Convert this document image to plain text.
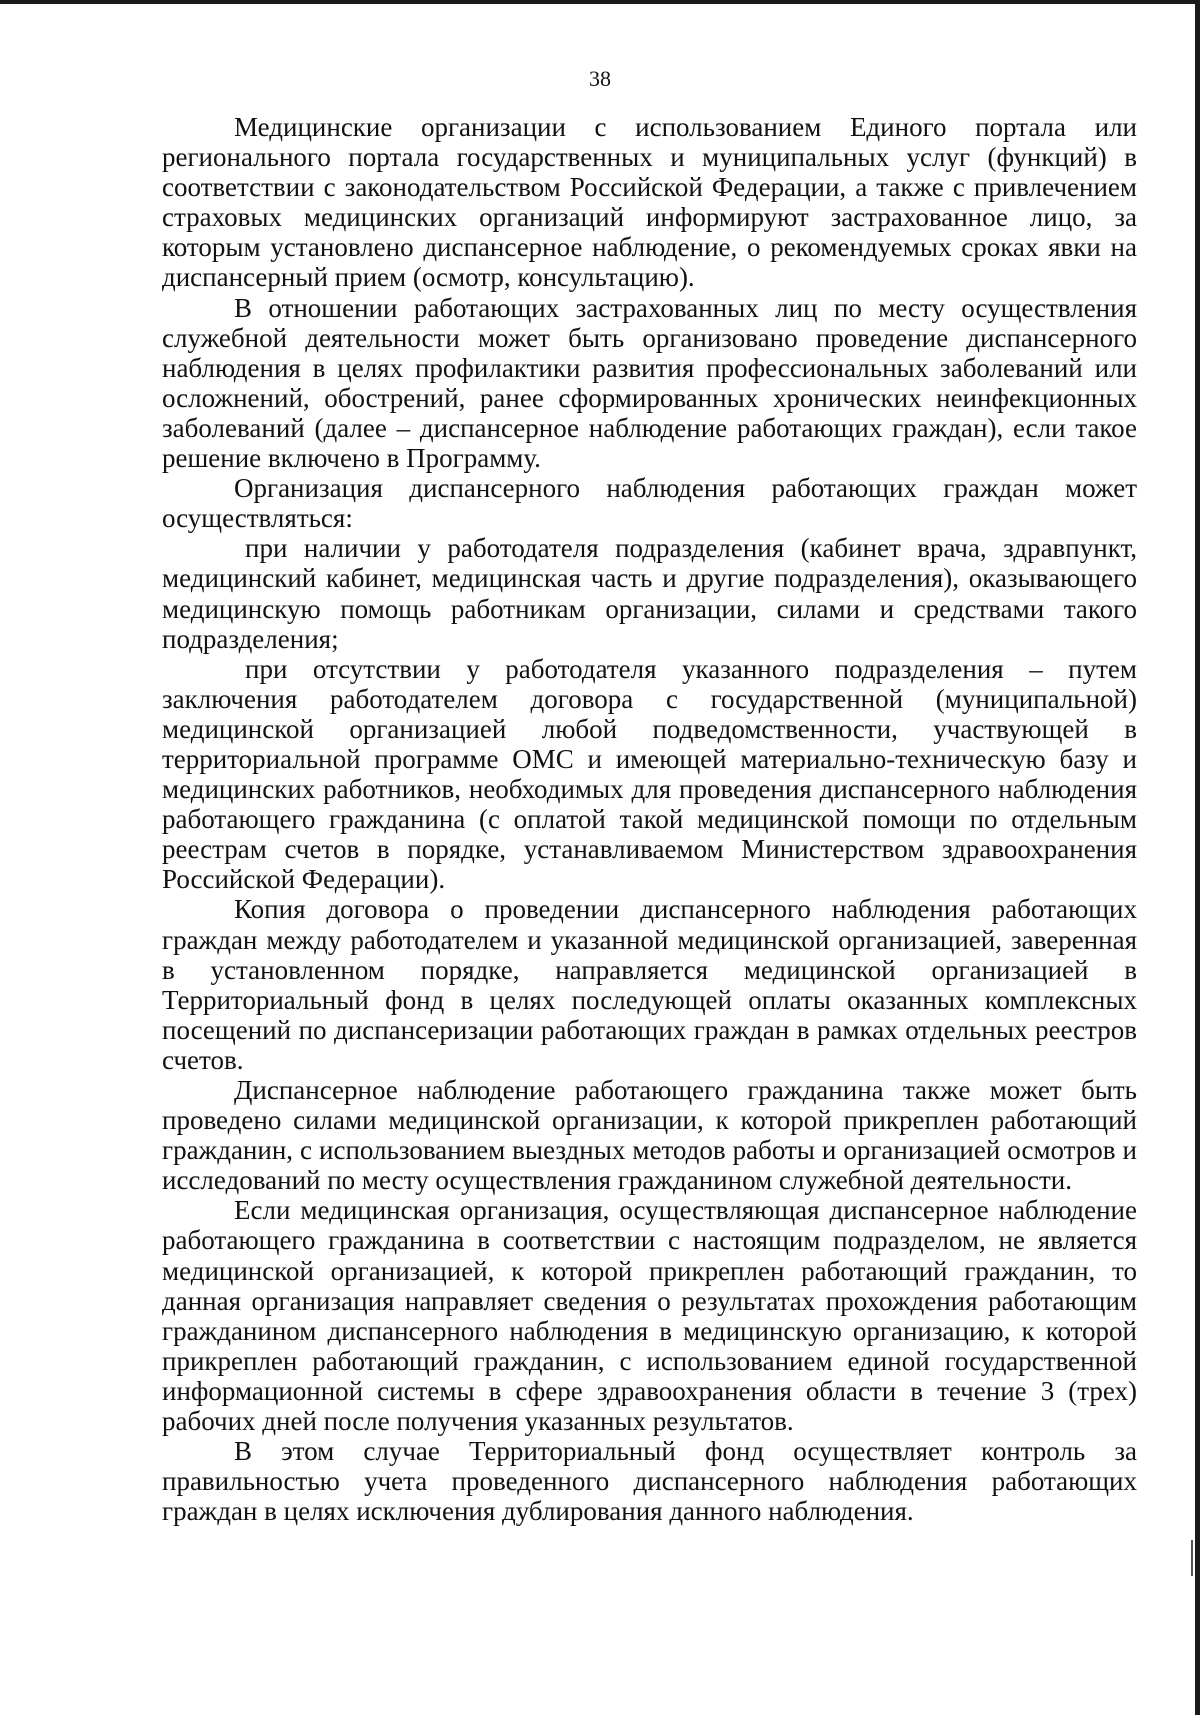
38

Медицинские организации с использованием Единого портала или регионального портала государственных и муниципальных услуг (функций) в соответствии с законодательством Российской Федерации, а также с привлечением страховых медицинских организаций информируют застрахованное лицо, за которым установлено диспансерное наблюдение, о рекомендуемых сроках явки на диспансерный прием (осмотр, консультацию).

В отношении работающих застрахованных лиц по месту осуществления служебной деятельности может быть организовано проведение диспансерного наблюдения в целях профилактики развития профессиональных заболеваний или осложнений, обострений, ранее сформированных хронических неинфекционных заболеваний (далее – диспансерное наблюдение работающих граждан), если такое решение включено в Программу.

Организация диспансерного наблюдения работающих граждан может осуществляться:

при наличии у работодателя подразделения (кабинет врача, здравпункт, медицинский кабинет, медицинская часть и другие подразделения), оказывающего медицинскую помощь работникам организации, силами и средствами такого подразделения;

при отсутствии у работодателя указанного подразделения – путем заключения работодателем договора с государственной (муниципальной) медицинской организацией любой подведомственности, участвующей в территориальной программе ОМС и имеющей материально-техническую базу и медицинских работников, необходимых для проведения диспансерного наблюдения работающего гражданина (с оплатой такой медицинской помощи по отдельным реестрам счетов в порядке, устанавливаемом Министерством здравоохранения Российской Федерации).

Копия договора о проведении диспансерного наблюдения работающих граждан между работодателем и указанной медицинской организацией, заверенная в установленном порядке, направляется медицинской организацией в Территориальный фонд в целях последующей оплаты оказанных комплексных посещений по диспансеризации работающих граждан в рамках отдельных реестров счетов.

Диспансерное наблюдение работающего гражданина также может быть проведено силами медицинской организации, к которой прикреплен работающий гражданин, с использованием выездных методов работы и организацией осмотров и исследований по месту осуществления гражданином служебной деятельности.

Если медицинская организация, осуществляющая диспансерное наблюдение работающего гражданина в соответствии с настоящим подразделом, не является медицинской организацией, к которой прикреплен работающий гражданин, то данная организация направляет сведения о результатах прохождения работающим гражданином диспансерного наблюдения в медицинскую организацию, к которой прикреплен работающий гражданин, с использованием единой государственной информационной системы в сфере здравоохранения области в течение 3 (трех) рабочих дней после получения указанных результатов.

В этом случае Территориальный фонд осуществляет контроль за правильностью учета проведенного диспансерного наблюдения работающих граждан в целях исключения дублирования данного наблюдения.
